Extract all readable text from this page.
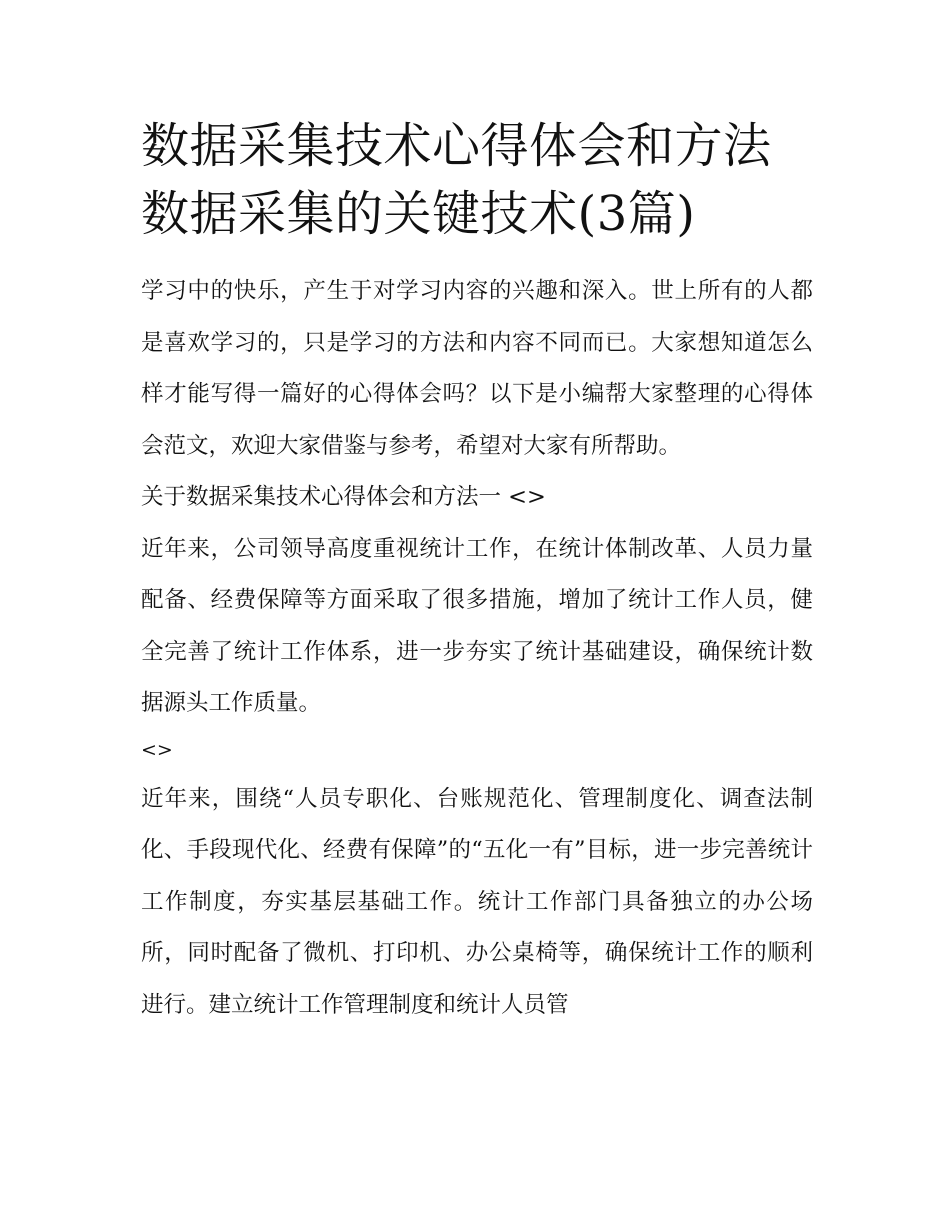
数据采集技术心得体会和方法
数据采集的关键技术(3篇)

学习中的快乐，产生于对学习内容的兴趣和深入。世上所有的人都是喜欢学习的，只是学习的方法和内容不同而已。大家想知道怎么样才能写得一篇好的心得体会吗？以下是小编帮大家整理的心得体会范文，欢迎大家借鉴与参考，希望对大家有所帮助。

关于数据采集技术心得体会和方法一 <>

近年来，公司领导高度重视统计工作，在统计体制改革、人员力量配备、经费保障等方面采取了很多措施，增加了统计工作人员，健全完善了统计工作体系，进一步夯实了统计基础建设，确保统计数据源头工作质量。

<>

近年来，围绕“人员专职化、台账规范化、管理制度化、调查法制化、手段现代化、经费有保障”的“五化一有”目标，进一步完善统计工作制度，夯实基层基础工作。统计工作部门具备独立的办公场所，同时配备了微机、打印机、办公桌椅等，确保统计工作的顺利进行。建立统计工作管理制度和统计人员管
